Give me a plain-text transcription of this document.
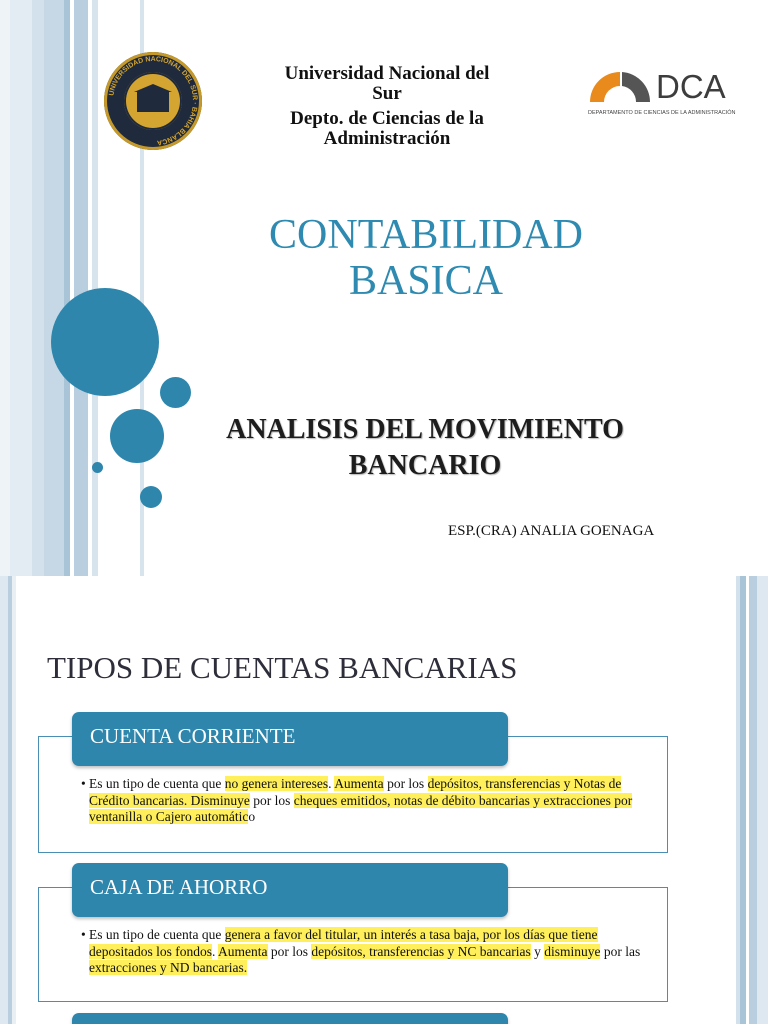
UNIVERSIDAD NACIONAL DEL SUR · BAHIA BLANCA
Universidad Nacional del
Sur
Depto. de Ciencias de la
Administración
DCA
DEPARTAMENTO DE CIENCIAS DE LA ADMINISTRACIÓN
CONTABILIDAD
BASICA
ANALISIS DEL MOVIMIENTO
BANCARIO
ESP.(CRA) ANALIA GOENAGA
TIPOS DE CUENTAS BANCARIAS
• Es un tipo de cuenta que no genera intereses. Aumenta por los depósitos, transferencias y Notas de Crédito bancarias. Disminuye por los cheques emitidos, notas de débito bancarias y extracciones por ventanilla o Cajero automático
CUENTA CORRIENTE
• Es un tipo de cuenta que genera a favor del titular, un interés a tasa baja, por los días que tiene depositados los fondos. Aumenta por los depósitos, transferencias y NC bancarias y disminuye por las extracciones y ND bancarias.
CAJA DE AHORRO
